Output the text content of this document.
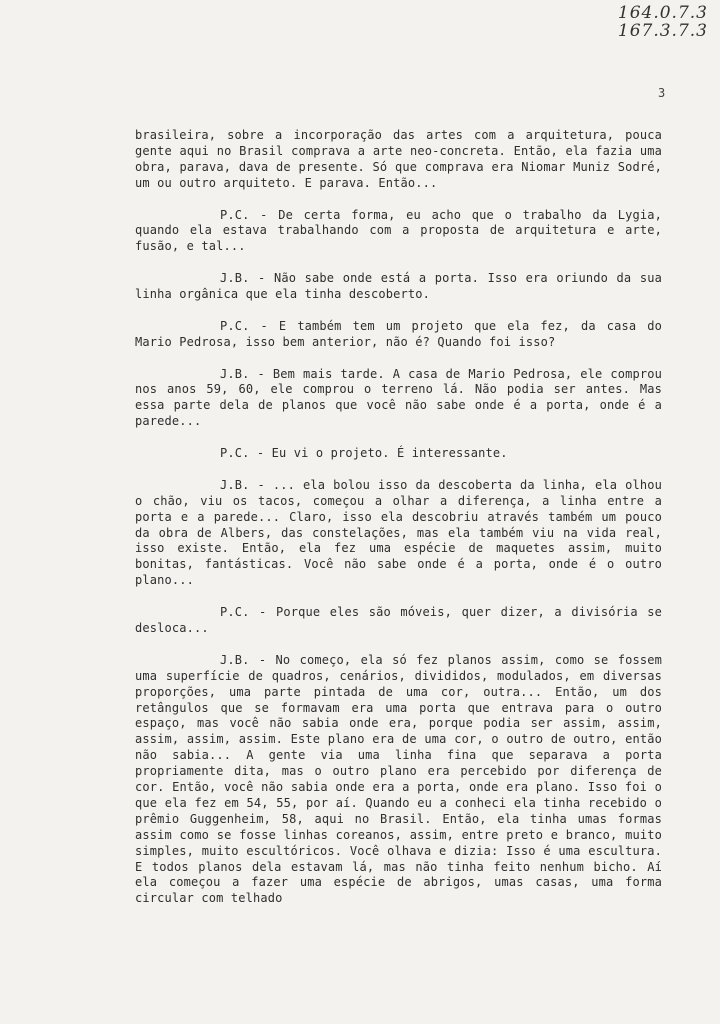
164.0.7.3
167.3.7.3
3

brasileira, sobre a incorporação das artes com a arquitetura, pouca gente aqui no Brasil comprava a arte neo-concreta. Então, ela fazia uma obra, parava, dava de presente. Só que comprava era Niomar Muniz Sodré, um ou outro arquiteto. E parava. Então...

P.C. - De certa forma, eu acho que o trabalho da Lygia, quando ela estava trabalhando com a proposta de arquitetura e arte, fusão, e tal...

J.B. - Não sabe onde está a porta. Isso era oriundo da sua linha orgânica que ela tinha descoberto.

P.C. - E também tem um projeto que ela fez, da casa do Mario Pedrosa, isso bem anterior, não é? Quando foi isso?

J.B. - Bem mais tarde. A casa de Mario Pedrosa, ele comprou nos anos 59, 60, ele comprou o terreno lá. Não podia ser antes. Mas essa parte dela de planos que você não sabe onde é a porta, onde é a parede...

P.C. - Eu vi o projeto. É interessante.

J.B. - ... ela bolou isso da descoberta da linha, ela olhou o chão, viu os tacos, começou a olhar a diferença, a linha entre a porta e a parede... Claro, isso ela descobriu através também um pouco da obra de Albers, das constelações, mas ela também viu na vida real, isso existe. Então, ela fez uma espécie de maquetes assim, muito bonitas, fantásticas. Você não sabe onde é a porta, onde é o outro plano...

P.C. - Porque eles são móveis, quer dizer, a divisória se desloca...

J.B. - No começo, ela só fez planos assim, como se fossem uma superfície de quadros, cenários, divididos, modulados, em diversas proporções, uma parte pintada de uma cor, outra... Então, um dos retângulos que se formavam era uma porta que entrava para o outro espaço, mas você não sabia onde era, porque podia ser assim, assim, assim, assim, assim. Este plano era de uma cor, o outro de outro, então não sabia... A gente via uma linha fina que separava a porta propriamente dita, mas o outro plano era percebido por diferença de cor. Então, você não sabia onde era a porta, onde era plano. Isso foi o que ela fez em 54, 55, por aí. Quando eu a conheci ela tinha recebido o prêmio Guggenheim, 58, aqui no Brasil. Então, ela tinha umas formas assim como se fosse linhas coreanos, assim, entre preto e branco, muito simples, muito escultóricos. Você olhava e dizia: Isso é uma escultura. E todos planos dela estavam lá, mas não tinha feito nenhum bicho. Aí ela começou a fazer uma espécie de abrigos, umas casas, uma forma circular com telhado
